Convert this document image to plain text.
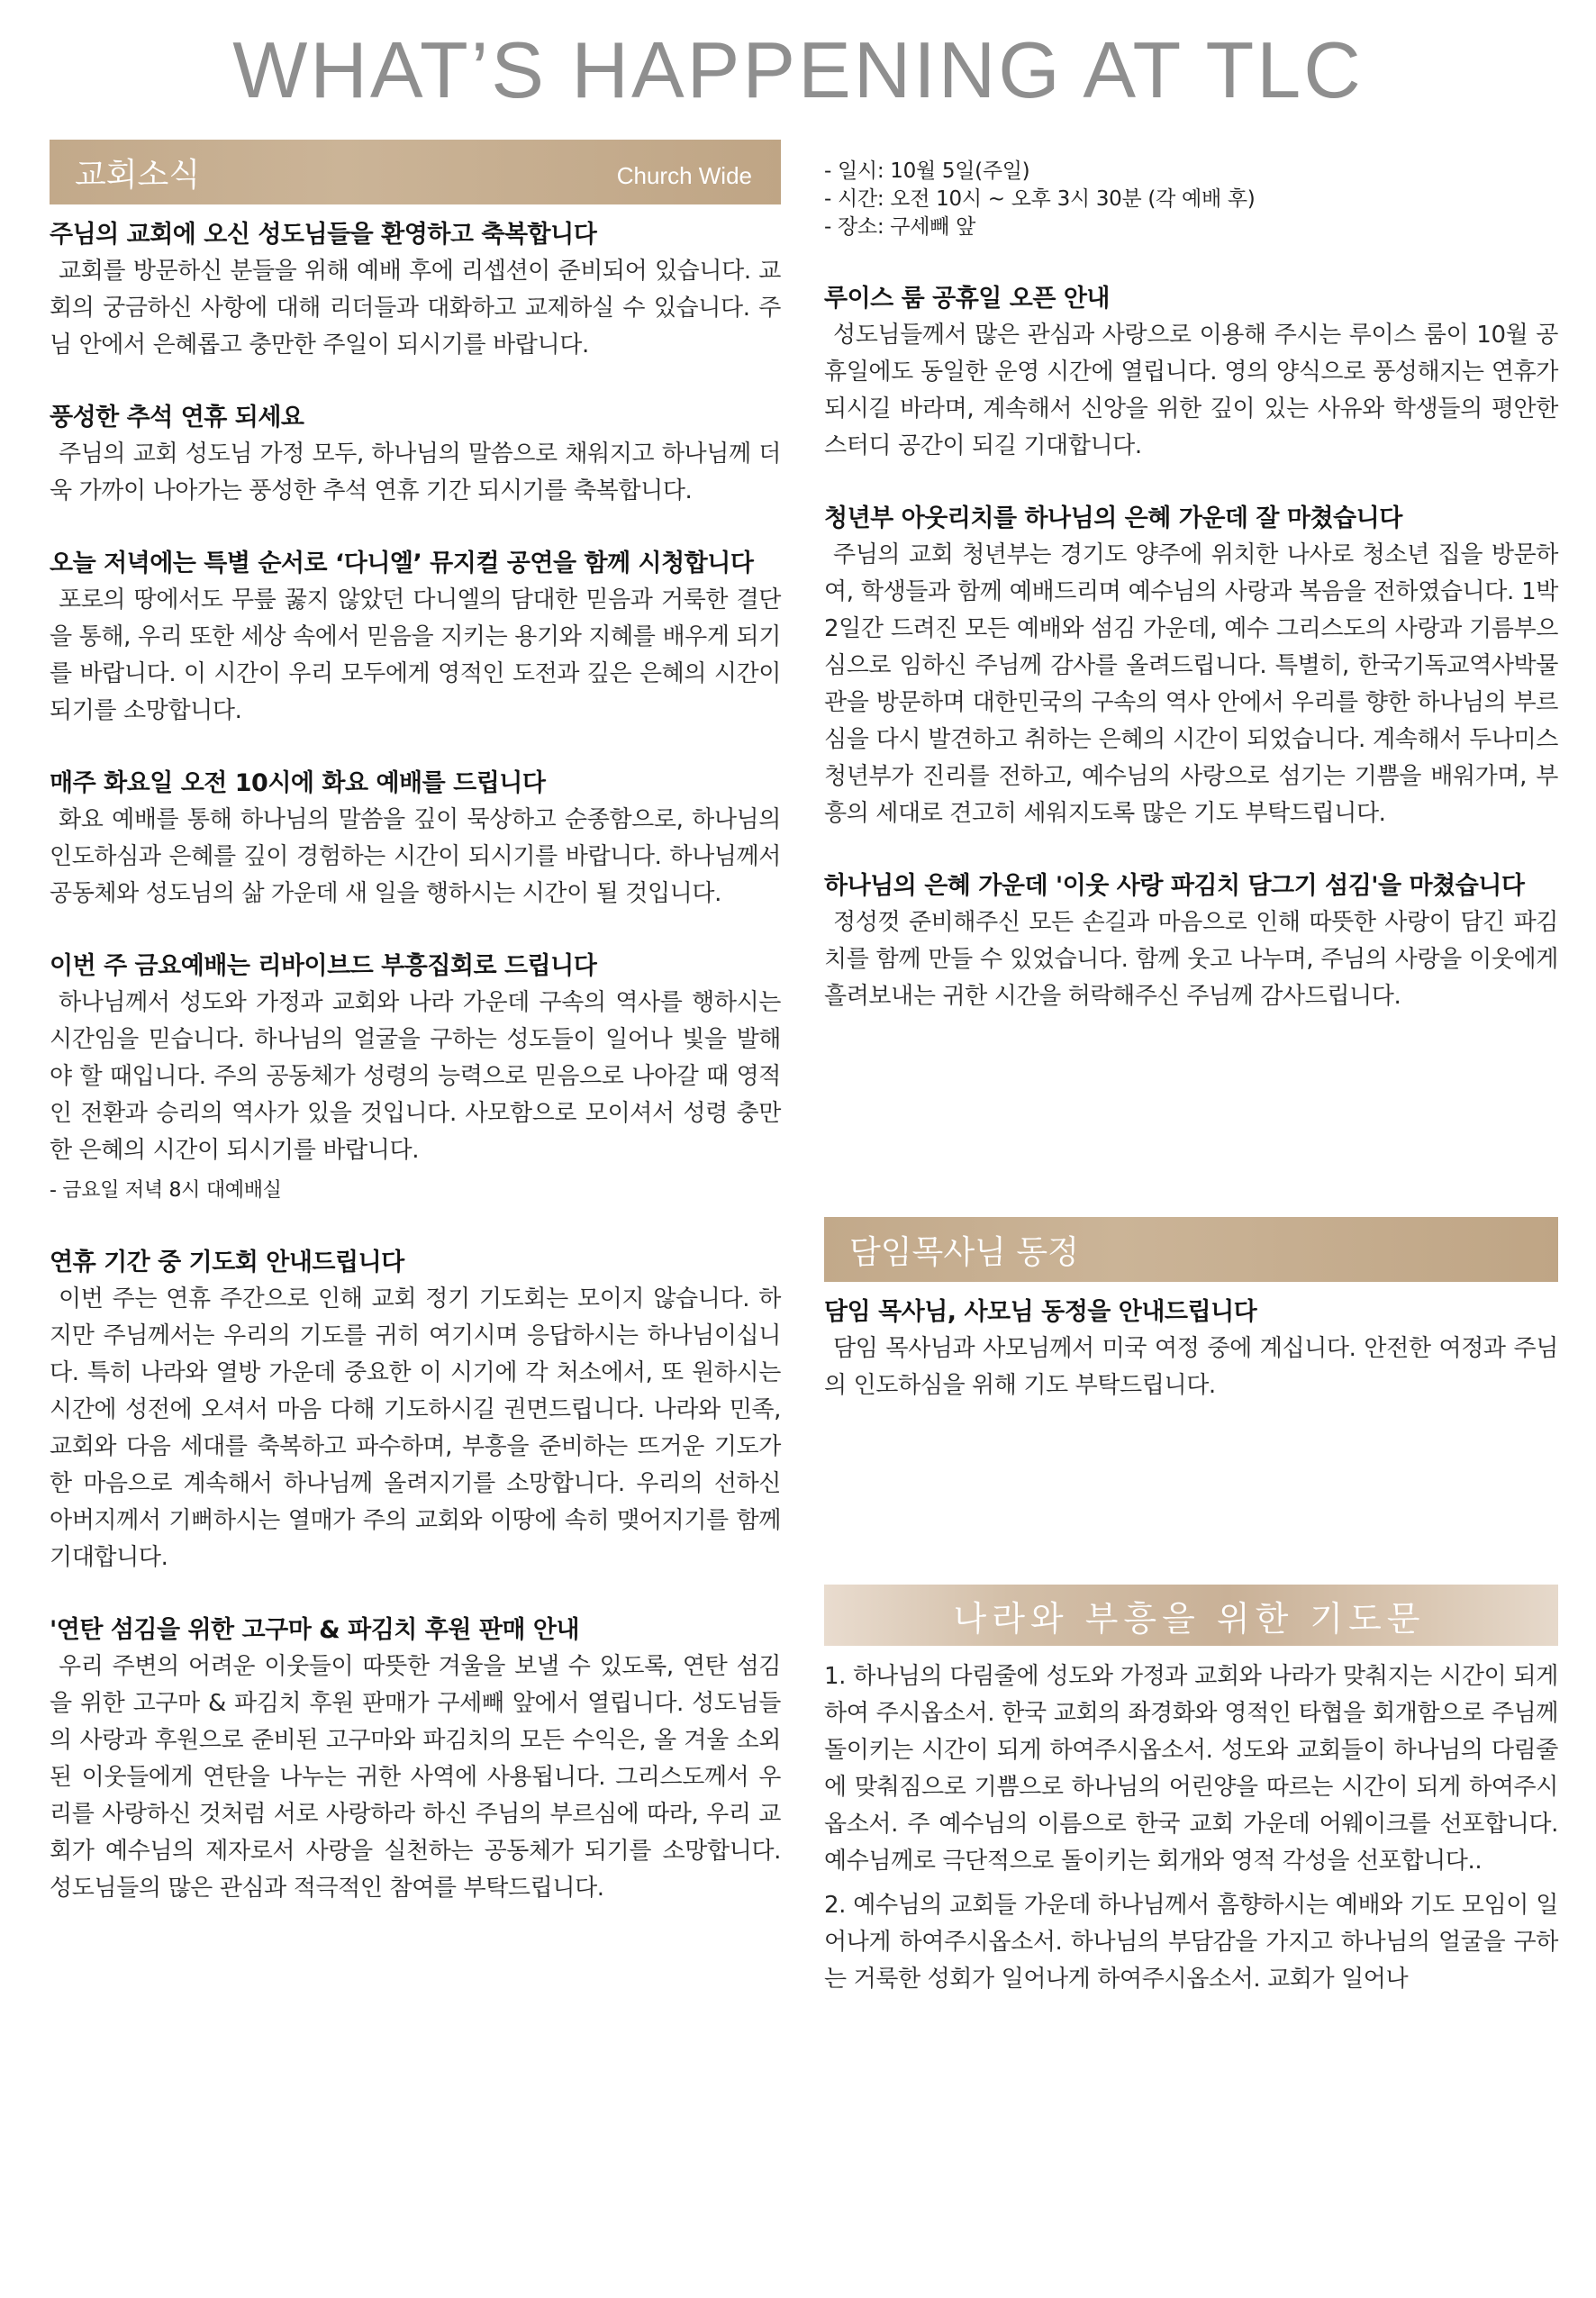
WHAT’S HAPPENING AT TLC
교회소식	Church Wide
주님의 교회에 오신 성도님들을 환영하고 축복합니다
교회를 방문하신 분들을 위해 예배 후에 리셉션이 준비되어 있습니다. 교회의 궁금하신 사항에 대해 리더들과 대화하고 교제하실 수 있습니다. 주님 안에서 은혜롭고 충만한 주일이 되시기를 바랍니다.
풍성한 추석 연휴 되세요
주님의 교회 성도님 가정 모두, 하나님의 말씀으로 채워지고 하나님께 더욱 가까이 나아가는 풍성한 추석 연휴 기간 되시기를 축복합니다.
오늘 저녁에는 특별 순서로 ‘다니엘’ 뮤지컬 공연을 함께 시청합니다
포로의 땅에서도 무릎 꿇지 않았던 다니엘의 담대한 믿음과 거룩한 결단을 통해, 우리 또한 세상 속에서 믿음을 지키는 용기와 지혜를 배우게 되기를 바랍니다. 이 시간이 우리 모두에게 영적인 도전과 깊은 은혜의 시간이 되기를 소망합니다.
매주 화요일 오전 10시에 화요 예배를 드립니다
화요 예배를 통해 하나님의 말씀을 깊이 묵상하고 순종함으로, 하나님의 인도하심과 은혜를 깊이 경험하는 시간이 되시기를 바랍니다. 하나님께서 공동체와 성도님의 삶 가운데 새 일을 행하시는 시간이 될 것입니다.
이번 주 금요예배는 리바이브드 부흥집회로 드립니다
하나님께서 성도와 가정과 교회와 나라 가운데 구속의 역사를 행하시는 시간임을 믿습니다. 하나님의 얼굴을 구하는 성도들이 일어나 빛을 발해야 할 때입니다. 주의 공동체가 성령의 능력으로 믿음으로 나아갈 때 영적인 전환과 승리의 역사가 있을 것입니다. 사모함으로 모이셔서 성령 충만한 은혜의 시간이 되시기를 바랍니다.
- 금요일 저녁 8시 대예배실
연휴 기간 중 기도회 안내드립니다
이번 주는 연휴 주간으로 인해 교회 정기 기도회는 모이지 않습니다. 하지만 주님께서는 우리의 기도를 귀히 여기시며 응답하시는 하나님이십니다. 특히 나라와 열방 가운데 중요한 이 시기에 각 처소에서, 또 원하시는 시간에 성전에 오셔서 마음 다해 기도하시길 권면드립니다. 나라와 민족, 교회와 다음 세대를 축복하고 파수하며, 부흥을 준비하는 뜨거운 기도가 한 마음으로 계속해서 하나님께 올려지기를 소망합니다. 우리의 선하신 아버지께서 기뻐하시는 열매가 주의 교회와 이땅에 속히 맺어지기를 함께 기대합니다.
'연탄 섬김을 위한 고구마 & 파김치 후원 판매 안내
우리 주변의 어려운 이웃들이 따뜻한 겨울을 보낼 수 있도록, 연탄 섬김을 위한 고구마 & 파김치 후원 판매가 구세빼 앞에서 열립니다. 성도님들의 사랑과 후원으로 준비된 고구마와 파김치의 모든 수익은, 올 겨울 소외된 이웃들에게 연탄을 나누는 귀한 사역에 사용됩니다. 그리스도께서 우리를 사랑하신 것처럼 서로 사랑하라 하신 주님의 부르심에 따라, 우리 교회가 예수님의 제자로서 사랑을 실천하는 공동체가 되기를 소망합니다. 성도님들의 많은 관심과 적극적인 참여를 부탁드립니다.
- 일시: 10월 5일(주일)
- 시간: 오전 10시 ~ 오후 3시 30분 (각 예배 후)
- 장소: 구세빼 앞
루이스 룸 공휴일 오픈 안내
성도님들께서 많은 관심과 사랑으로 이용해 주시는 루이스 룸이 10월 공휴일에도 동일한 운영 시간에 열립니다. 영의 양식으로 풍성해지는 연휴가 되시길 바라며, 계속해서 신앙을 위한 깊이 있는 사유와 학생들의 평안한 스터디 공간이 되길 기대합니다.
청년부 아웃리치를 하나님의 은혜 가운데 잘 마쳤습니다
주님의 교회 청년부는 경기도 양주에 위치한 나사로 청소년 집을 방문하여, 학생들과 함께 예배드리며 예수님의 사랑과 복음을 전하였습니다. 1박 2일간 드려진 모든 예배와 섬김 가운데, 예수 그리스도의 사랑과 기름부으심으로 임하신 주님께 감사를 올려드립니다. 특별히, 한국기독교역사박물관을 방문하며 대한민국의 구속의 역사 안에서 우리를 향한 하나님의 부르심을 다시 발견하고 취하는 은혜의 시간이 되었습니다. 계속해서 두나미스 청년부가 진리를 전하고, 예수님의 사랑으로 섬기는 기쁨을 배워가며, 부흥의 세대로 견고히 세워지도록 많은 기도 부탁드립니다.
하나님의 은혜 가운데 '이웃 사랑 파김치 담그기 섬김'을 마쳤습니다
정성껏 준비해주신 모든 손길과 마음으로 인해 따뜻한 사랑이 담긴 파김치를 함께 만들 수 있었습니다. 함께 웃고 나누며, 주님의 사랑을 이웃에게 흘려보내는 귀한 시간을 허락해주신 주님께 감사드립니다.
담임목사님 동정
담임 목사님, 사모님 동정을 안내드립니다
담임 목사님과 사모님께서 미국 여정 중에 계십니다. 안전한 여정과 주님의 인도하심을 위해 기도 부탁드립니다.
나라와 부흥을 위한 기도문
1. 하나님의 다림줄에 성도와 가정과 교회와 나라가 맞춰지는 시간이 되게 하여 주시옵소서. 한국 교회의 좌경화와 영적인 타협을 회개함으로 주님께 돌이키는 시간이 되게 하여주시옵소서. 성도와 교회들이 하나님의 다림줄에 맞춰짐으로 기쁨으로 하나님의 어린양을 따르는 시간이 되게 하여주시옵소서. 주 예수님의 이름으로 한국 교회 가운데 어웨이크를 선포합니다. 예수님께로 극단적으로 돌이키는 회개와 영적 각성을 선포합니다..
2. 예수님의 교회들 가운데 하나님께서 흠향하시는 예배와 기도 모임이 일어나게 하여주시옵소서. 하나님의 부담감을 가지고 하나님의 얼굴을 구하는 거룩한 성회가 일어나게 하여주시옵소서. 교회가 일어나
